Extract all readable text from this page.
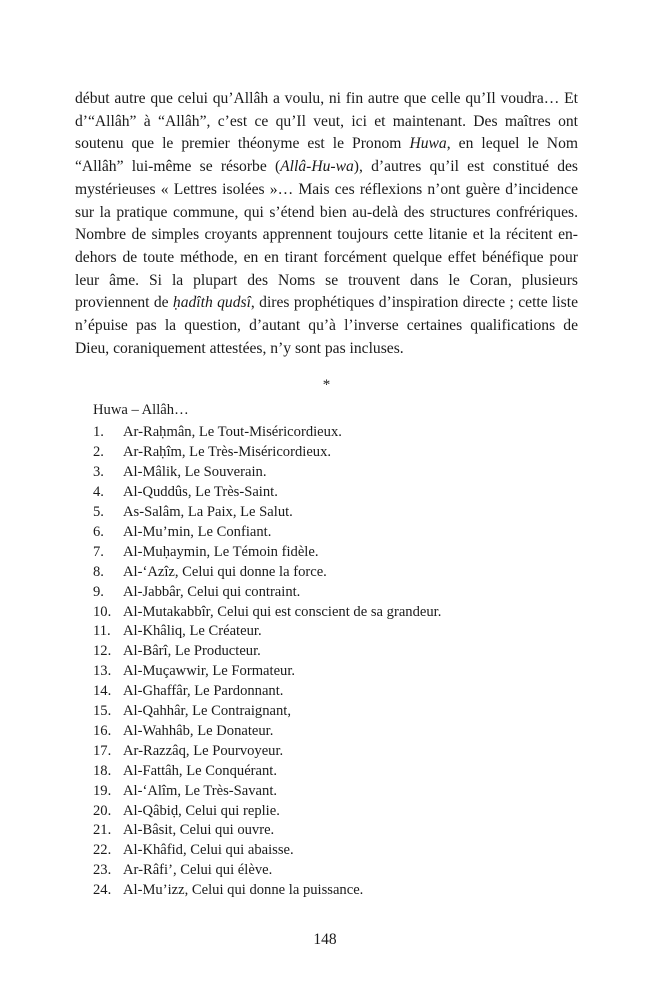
début autre que celui qu’Allâh a voulu, ni fin autre que celle qu’Il voudra… Et d’“Allâh” à “Allâh”, c’est ce qu’Il veut, ici et maintenant. Des maîtres ont soutenu que le premier théonyme est le Pronom Huwa, en lequel le Nom “Allâh” lui-même se résorbe (Allâ-Hu-wa), d’autres qu’il est constitué des mystérieuses « Lettres isolées »… Mais ces réflexions n’ont guère d’incidence sur la pratique commune, qui s’étend bien au-delà des structures confrériques. Nombre de simples croyants apprennent toujours cette litanie et la récitent en-dehors de toute méthode, en en tirant forcément quelque effet bénéfique pour leur âme. Si la plupart des Noms se trouvent dans le Coran, plusieurs proviennent de ḥadîth qudsî, dires prophétiques d’inspiration directe ; cette liste n’épuise pas la question, d’autant qu’à l’inverse certaines qualifications de Dieu, coraniquement attestées, n’y sont pas incluses.

*
Huwa – Allâh…
1. Ar-Raḥmân, Le Tout-Miséricordieux.
2. Ar-Raḥîm, Le Très-Miséricordieux.
3. Al-Mâlik, Le Souverain.
4. Al-Quddûs, Le Très-Saint.
5. As-Salâm, La Paix, Le Salut.
6. Al-Mu’min, Le Confiant.
7. Al-Muḥaymin, Le Témoin fidèle.
8. Al-‘Azîz, Celui qui donne la force.
9. Al-Jabbâr, Celui qui contraint.
10. Al-Mutakabbîr, Celui qui est conscient de sa grandeur.
11. Al-Khâliq, Le Créateur.
12. Al-Bârî, Le Producteur.
13. Al-Muçawwir, Le Formateur.
14. Al-Ghaffâr, Le Pardonnant.
15. Al-Qahhâr, Le Contraignant,
16. Al-Wahhâb, Le Donateur.
17. Ar-Razzâq, Le Pourvoyeur.
18. Al-Fattâh, Le Conquérant.
19. Al-‘Alîm, Le Très-Savant.
20. Al-Qâbiḍ, Celui qui replie.
21. Al-Bâsit, Celui qui ouvre.
22. Al-Khâfid, Celui qui abaisse.
23. Ar-Râfi’, Celui qui élève.
24. Al-Mu’izz, Celui qui donne la puissance.
148
